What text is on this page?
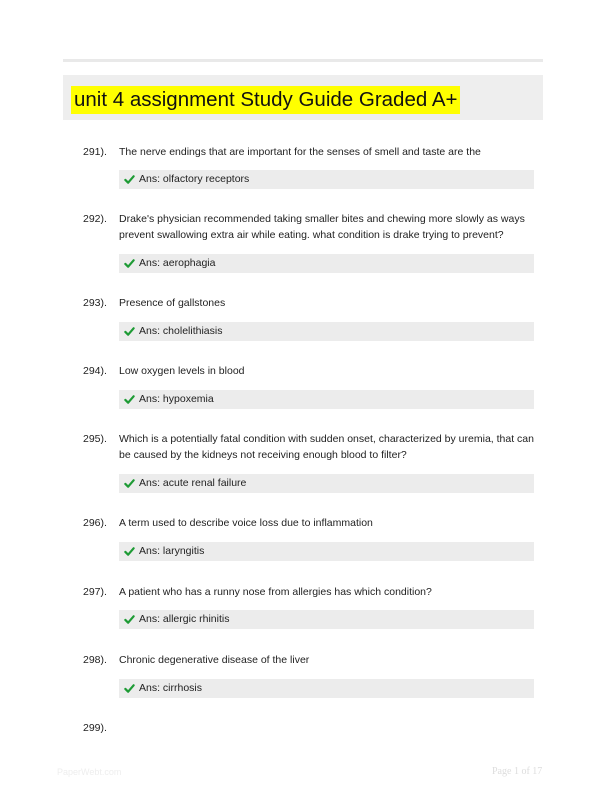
unit 4 assignment Study Guide Graded A+
291). The nerve endings that are important for the senses of smell and taste are the
Ans: olfactory receptors
292). Drake's physician recommended taking smaller bites and chewing more slowly as ways prevent swallowing extra air while eating. what condition is drake trying to prevent?
Ans: aerophagia
293). Presence of gallstones
Ans: cholelithiasis
294). Low oxygen levels in blood
Ans: hypoxemia
295). Which is a potentially fatal condition with sudden onset, characterized by uremia, that can be caused by the kidneys not receiving enough blood to filter?
Ans: acute renal failure
296). A term used to describe voice loss due to inflammation
Ans: laryngitis
297). A patient who has a runny nose from allergies has which condition?
Ans: allergic rhinitis
298). Chronic degenerative disease of the liver
Ans: cirrhosis
299).
PaperWebt.com	Page 1 of 17
